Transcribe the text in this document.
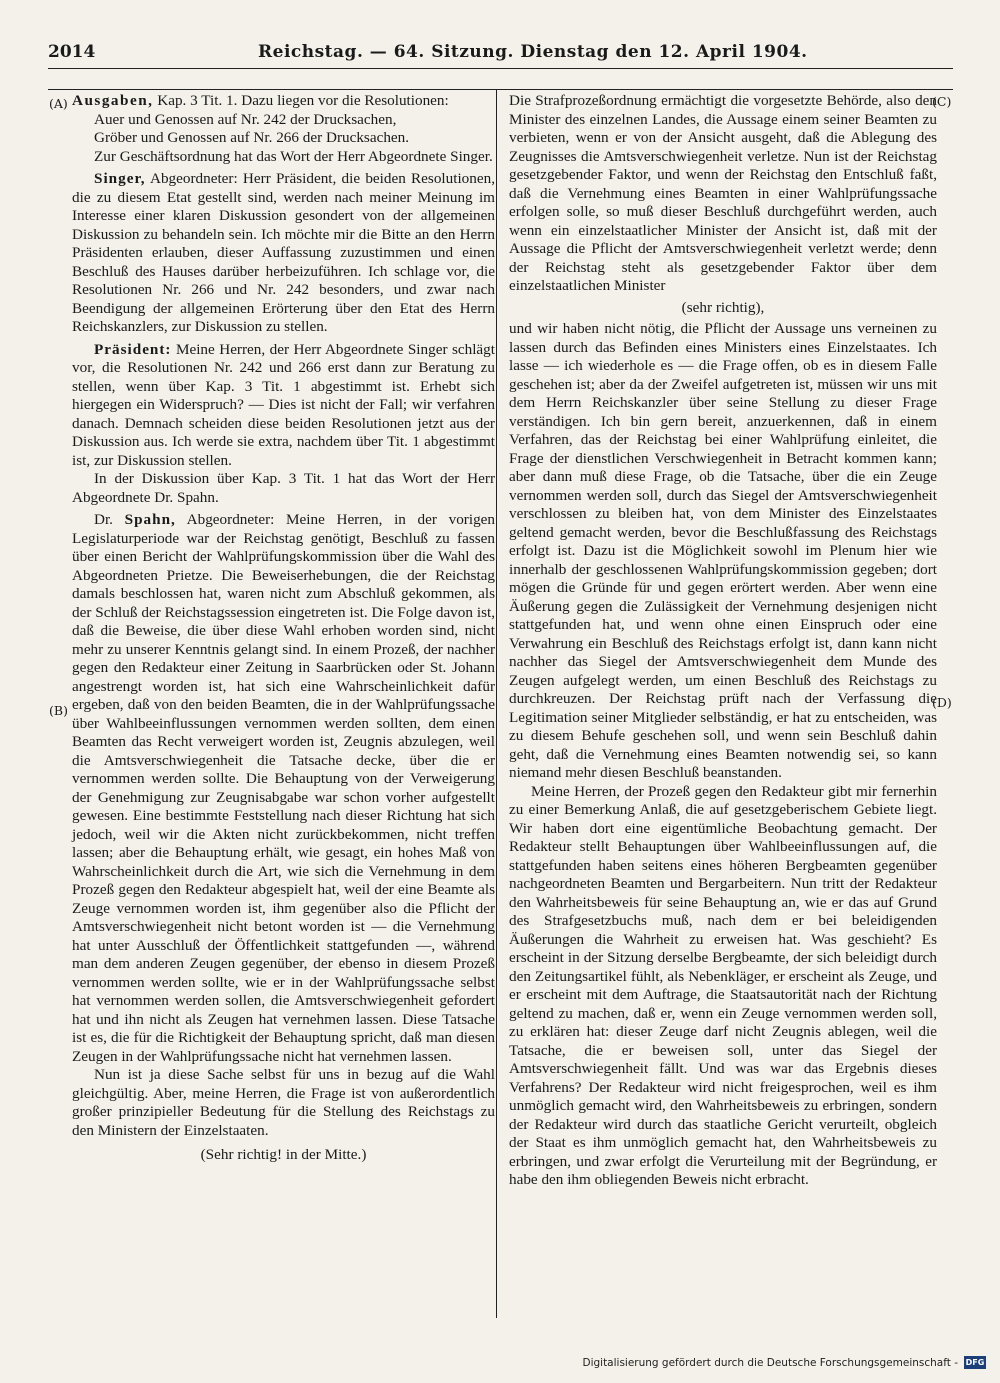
2014	Reichstag. — 64. Sitzung. Dienstag den 12. April 1904.
(A)
(B)
(C)
(D)

Ausgaben, Kap. 3 Tit. 1. Dazu liegen vor die Resolutionen:

Auer und Genossen auf Nr. 242 der Drucksachen,

Gröber und Genossen auf Nr. 266 der Drucksachen.

Zur Geschäftsordnung hat das Wort der Herr Abgeordnete Singer.

Singer, Abgeordneter: Herr Präsident, die beiden Resolutionen, die zu diesem Etat gestellt sind, werden nach meiner Meinung im Interesse einer klaren Diskussion gesondert von der allgemeinen Diskussion zu behandeln sein. Ich möchte mir die Bitte an den Herrn Präsidenten erlauben, dieser Auffassung zuzustimmen und einen Beschluß des Hauses darüber herbeizuführen. Ich schlage vor, die Resolutionen Nr. 266 und Nr. 242 besonders, und zwar nach Beendigung der allgemeinen Erörterung über den Etat des Herrn Reichskanzlers, zur Diskussion zu stellen.

Präsident: Meine Herren, der Herr Abgeordnete Singer schlägt vor, die Resolutionen Nr. 242 und 266 erst dann zur Beratung zu stellen, wenn über Kap. 3 Tit. 1 abgestimmt ist. Erhebt sich hiergegen ein Widerspruch? — Dies ist nicht der Fall; wir verfahren danach. Demnach scheiden diese beiden Resolutionen jetzt aus der Diskussion aus. Ich werde sie extra, nachdem über Tit. 1 abgestimmt ist, zur Diskussion stellen.

In der Diskussion über Kap. 3 Tit. 1 hat das Wort der Herr Abgeordnete Dr. Spahn.

Dr. Spahn, Abgeordneter: Meine Herren, in der vorigen Legislaturperiode war der Reichstag genötigt, Beschluß zu fassen über einen Bericht der Wahlprüfungskommission über die Wahl des Abgeordneten Prietze. Die Beweiserhebungen, die der Reichstag damals beschlossen hat, waren nicht zum Abschluß gekommen, als der Schluß der Reichstagssession eingetreten ist. Die Folge davon ist, daß die Beweise, die über diese Wahl erhoben worden sind, nicht mehr zu unserer Kenntnis gelangt sind. In einem Prozeß, der nachher gegen den Redakteur einer Zeitung in Saarbrücken oder St. Johann angestrengt worden ist, hat sich eine Wahrscheinlichkeit dafür ergeben, daß von den beiden Beamten, die in der Wahlprüfungssache über Wahlbeeinflussungen vernommen werden sollten, dem einen Beamten das Recht verweigert worden ist, Zeugnis abzulegen, weil die Amtsverschwiegenheit die Tatsache decke, über die er vernommen werden sollte. Die Behauptung von der Verweigerung der Genehmigung zur Zeugnisabgabe war schon vorher aufgestellt gewesen. Eine bestimmte Feststellung nach dieser Richtung hat sich jedoch, weil wir die Akten nicht zurückbekommen, nicht treffen lassen; aber die Behauptung erhält, wie gesagt, ein hohes Maß von Wahrscheinlichkeit durch die Art, wie sich die Vernehmung in dem Prozeß gegen den Redakteur abgespielt hat, weil der eine Beamte als Zeuge vernommen worden ist, ihm gegenüber also die Pflicht der Amtsverschwiegenheit nicht betont worden ist — die Vernehmung hat unter Ausschluß der Öffentlichkeit stattgefunden —, während man dem anderen Zeugen gegenüber, der ebenso in diesem Prozeß vernommen werden sollte, wie er in der Wahlprüfungssache selbst hat vernommen werden sollen, die Amtsverschwiegenheit gefordert hat und ihn nicht als Zeugen hat vernehmen lassen. Diese Tatsache ist es, die für die Richtigkeit der Behauptung spricht, daß man diesen Zeugen in der Wahlprüfungssache nicht hat vernehmen lassen.

Nun ist ja diese Sache selbst für uns in bezug auf die Wahl gleichgültig. Aber, meine Herren, die Frage ist von außerordentlich großer prinzipieller Bedeutung für die Stellung des Reichstags zu den Ministern der Einzelstaaten.

(Sehr richtig! in der Mitte.)

Die Strafprozeßordnung ermächtigt die vorgesetzte Behörde, also den Minister des einzelnen Landes, die Aussage einem seiner Beamten zu verbieten, wenn er von der Ansicht ausgeht, daß die Ablegung des Zeugnisses die Amtsverschwiegenheit verletze. Nun ist der Reichstag gesetzgebender Faktor, und wenn der Reichstag den Entschluß faßt, daß die Vernehmung eines Beamten in einer Wahlprüfungssache erfolgen solle, so muß dieser Beschluß durchgeführt werden, auch wenn ein einzelstaatlicher Minister der Ansicht ist, daß mit der Aussage die Pflicht der Amtsverschwiegenheit verletzt werde; denn der Reichstag steht als gesetzgebender Faktor über dem einzelstaatlichen Minister

(sehr richtig),

und wir haben nicht nötig, die Pflicht der Aussage uns verneinen zu lassen durch das Befinden eines Ministers eines Einzelstaates. Ich lasse — ich wiederhole es — die Frage offen, ob es in diesem Falle geschehen ist; aber da der Zweifel aufgetreten ist, müssen wir uns mit dem Herrn Reichskanzler über seine Stellung zu dieser Frage verständigen. Ich bin gern bereit, anzuerkennen, daß in einem Verfahren, das der Reichstag bei einer Wahlprüfung einleitet, die Frage der dienstlichen Verschwiegenheit in Betracht kommen kann; aber dann muß diese Frage, ob die Tatsache, über die ein Zeuge vernommen werden soll, durch das Siegel der Amtsverschwiegenheit verschlossen zu bleiben hat, von dem Minister des Einzelstaates geltend gemacht werden, bevor die Beschlußfassung des Reichstags erfolgt ist. Dazu ist die Möglichkeit sowohl im Plenum hier wie innerhalb der geschlossenen Wahlprüfungskommission gegeben; dort mögen die Gründe für und gegen erörtert werden. Aber wenn eine Äußerung gegen die Zulässigkeit der Vernehmung desjenigen nicht stattgefunden hat, und wenn ohne einen Einspruch oder eine Verwahrung ein Beschluß des Reichstags erfolgt ist, dann kann nicht nachher das Siegel der Amtsverschwiegenheit dem Munde des Zeugen aufgelegt werden, um einen Beschluß des Reichstags zu durchkreuzen. Der Reichstag prüft nach der Verfassung die Legitimation seiner Mitglieder selbständig, er hat zu entscheiden, was zu diesem Behufe geschehen soll, und wenn sein Beschluß dahin geht, daß die Vernehmung eines Beamten notwendig sei, so kann niemand mehr diesen Beschluß beanstanden.

Meine Herren, der Prozeß gegen den Redakteur gibt mir fernerhin zu einer Bemerkung Anlaß, die auf gesetzgeberischem Gebiete liegt. Wir haben dort eine eigentümliche Beobachtung gemacht. Der Redakteur stellt Behauptungen über Wahlbeeinflussungen auf, die stattgefunden haben seitens eines höheren Bergbeamten gegenüber nachgeordneten Beamten und Bergarbeitern. Nun tritt der Redakteur den Wahrheitsbeweis für seine Behauptung an, wie er das auf Grund des Strafgesetzbuchs muß, nach dem er bei beleidigenden Äußerungen die Wahrheit zu erweisen hat. Was geschieht? Es erscheint in der Sitzung derselbe Bergbeamte, der sich beleidigt durch den Zeitungsartikel fühlt, als Nebenkläger, er erscheint als Zeuge, und er erscheint mit dem Auftrage, die Staatsautorität nach der Richtung geltend zu machen, daß er, wenn ein Zeuge vernommen werden soll, zu erklären hat: dieser Zeuge darf nicht Zeugnis ablegen, weil die Tatsache, die er beweisen soll, unter das Siegel der Amtsverschwiegenheit fällt. Und was war das Ergebnis dieses Verfahrens? Der Redakteur wird nicht freigesprochen, weil es ihm unmöglich gemacht wird, den Wahrheitsbeweis zu erbringen, sondern der Redakteur wird durch das staatliche Gericht verurteilt, obgleich der Staat es ihm unmöglich gemacht hat, den Wahrheitsbeweis zu erbringen, und zwar erfolgt die Verurteilung mit der Begründung, er habe den ihm obliegenden Beweis nicht erbracht.

Digitalisierung gefördert durch die Deutsche Forschungsgemeinschaft - DFG
